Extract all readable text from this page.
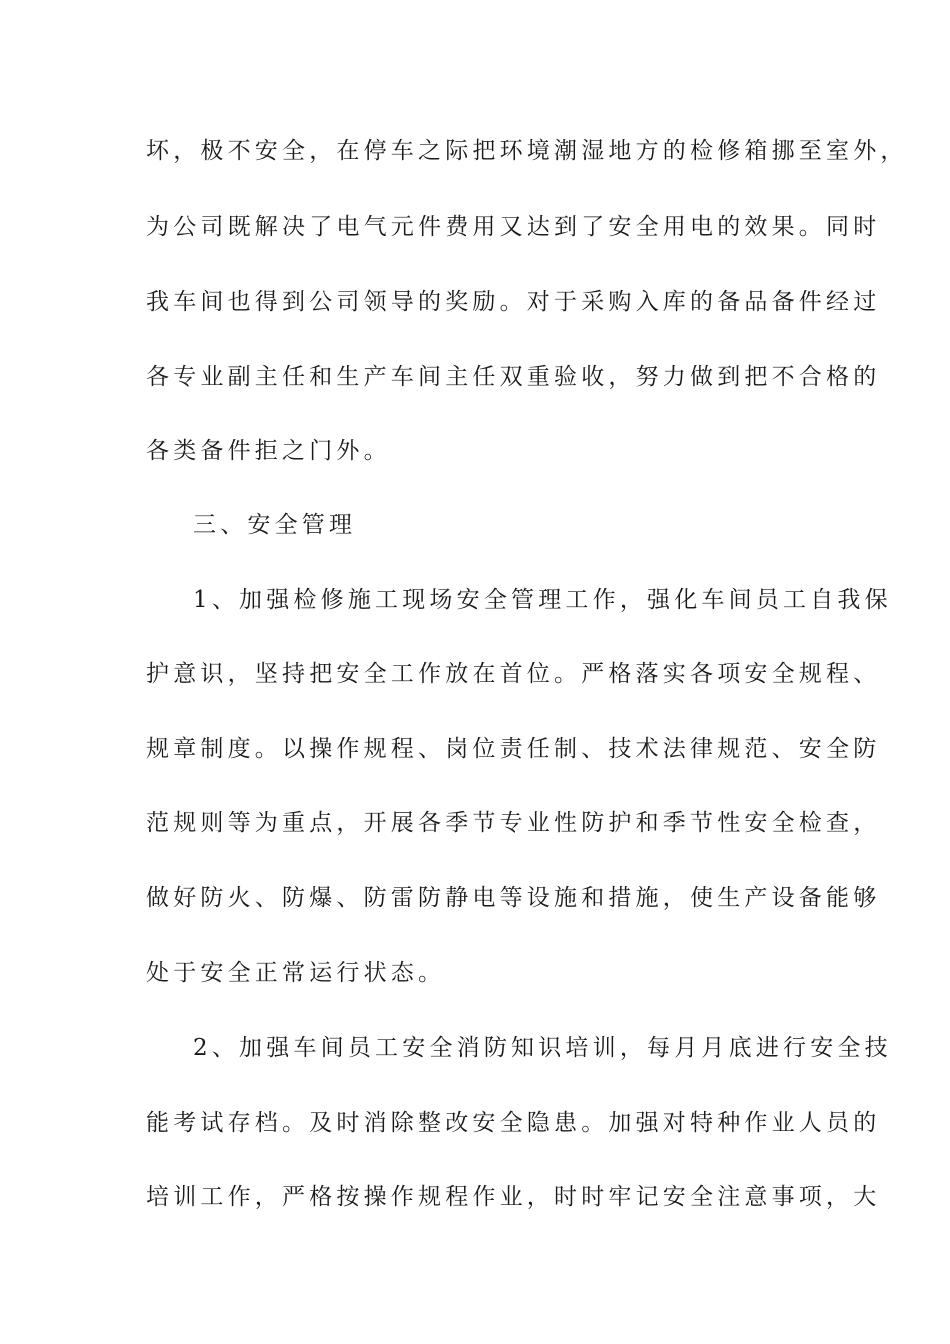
坏，极不安全，在停车之际把环境潮湿地方的检修箱挪至室外，
为公司既解决了电气元件费用又达到了安全用电的效果。同时
我车间也得到公司领导的奖励。对于采购入库的备品备件经过
各专业副主任和生产车间主任双重验收，努力做到把不合格的
各类备件拒之门外。
三、安全管理
1、加强检修施工现场安全管理工作，强化车间员工自我保
护意识，坚持把安全工作放在首位。严格落实各项安全规程、
规章制度。以操作规程、岗位责任制、技术法律规范、安全防
范规则等为重点，开展各季节专业性防护和季节性安全检查，
做好防火、防爆、防雷防静电等设施和措施，使生产设备能够
处于安全正常运行状态。
2、加强车间员工安全消防知识培训，每月月底进行安全技
能考试存档。及时消除整改安全隐患。加强对特种作业人员的
培训工作，严格按操作规程作业，时时牢记安全注意事项，大
